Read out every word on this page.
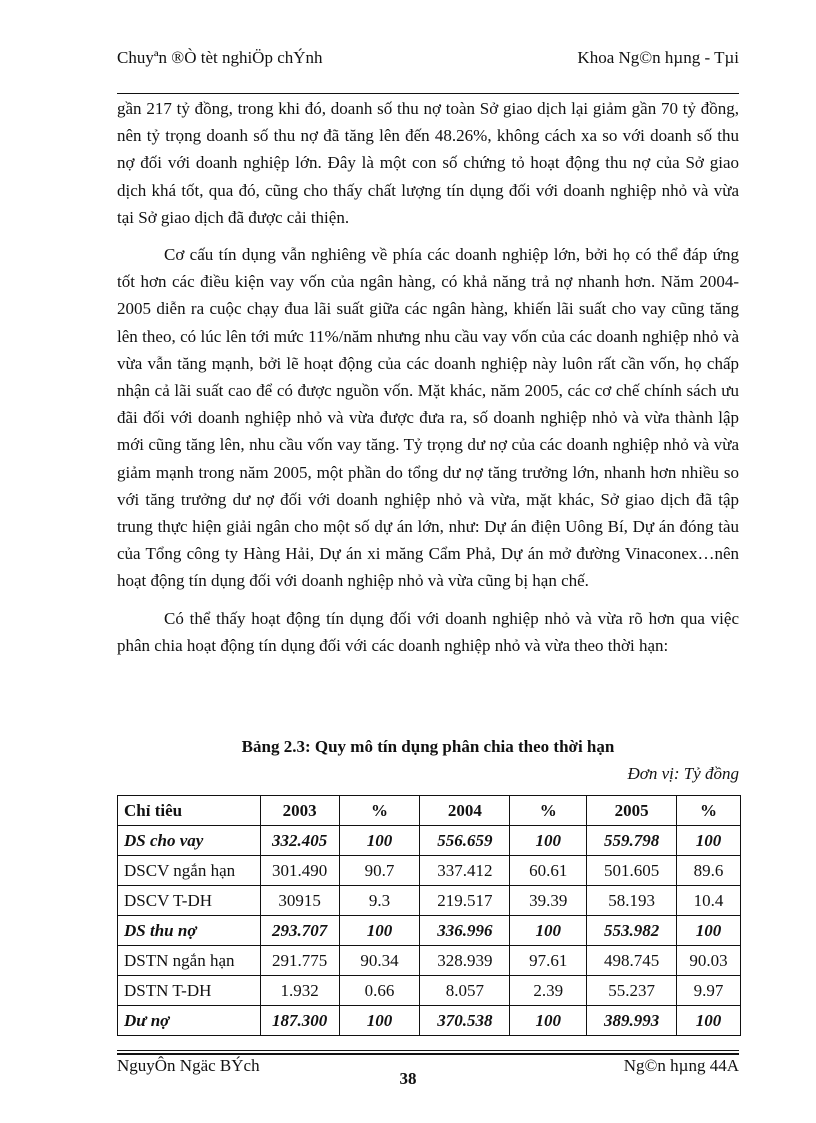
Chuyªn ®Ò tèt nghiÖp chÝnh	Khoa Ng©n hµng - Tµi

gần 217 tỷ đồng, trong khi đó, doanh số thu nợ toàn Sở giao dịch lại giảm gần 70 tỷ đồng, nên tỷ trọng doanh số thu nợ đã tăng lên đến 48.26%, không cách xa so với doanh số thu nợ đối với doanh nghiệp lớn. Đây là một con số chứng tỏ hoạt động thu nợ của Sở giao dịch khá tốt, qua đó, cũng cho thấy chất lượng tín dụng đối với doanh nghiệp nhỏ và vừa tại Sở giao dịch đã được cải thiện.

Cơ cấu tín dụng vẫn nghiêng về phía các doanh nghiệp lớn, bởi họ có thể đáp ứng tốt hơn các điều kiện vay vốn của ngân hàng, có khả năng trả nợ nhanh hơn. Năm 2004-2005 diễn ra cuộc chạy đua lãi suất giữa các ngân hàng, khiến lãi suất cho vay cũng tăng lên theo, có lúc lên tới mức 11%/năm nhưng nhu cầu vay vốn của các doanh nghiệp nhỏ và vừa vẫn tăng mạnh, bởi lẽ hoạt động của các doanh nghiệp này luôn rất cần vốn, họ chấp nhận cả lãi suất cao để có được nguồn vốn. Mặt khác, năm 2005, các cơ chế chính sách ưu đãi đối với doanh nghiệp nhỏ và vừa được đưa ra, số doanh nghiệp nhỏ và vừa thành lập mới cũng tăng lên, nhu cầu vốn vay tăng. Tỷ trọng dư nợ của các doanh nghiệp nhỏ và vừa giảm mạnh trong năm 2005, một phần do tổng dư nợ tăng trưởng lớn, nhanh hơn nhiều so với tăng trưởng dư nợ đối với doanh nghiệp nhỏ và vừa, mặt khác, Sở giao dịch đã tập trung thực hiện giải ngân cho một số dự án lớn, như: Dự án điện Uông Bí, Dự án đóng tàu của Tổng công ty Hàng Hải, Dự án xi măng Cẩm Phả, Dự án mở đường Vinaconex…nên hoạt động tín dụng đối với doanh nghiệp nhỏ và vừa cũng bị hạn chế.

Có thể thấy hoạt động tín dụng đối với doanh nghiệp nhỏ và vừa rõ hơn qua việc phân chia hoạt động tín dụng đối với các doanh nghiệp nhỏ và vừa theo thời hạn:

Bảng 2.3: Quy mô tín dụng phân chia theo thời hạn
Đơn vị: Tỷ đồng
Chỉ tiêu	2003	%	2004	%	2005	%
DS cho vay	332.405	100	556.659	100	559.798	100
DSCV ngắn hạn	301.490	90.7	337.412	60.61	501.605	89.6
DSCV T-DH	30915	9.3	219.517	39.39	58.193	10.4
DS thu nợ	293.707	100	336.996	100	553.982	100
DSTN ngắn hạn	291.775	90.34	328.939	97.61	498.745	90.03
DSTN T-DH	1.932	0.66	8.057	2.39	55.237	9.97
Dư nợ	187.300	100	370.538	100	389.993	100
NguyÔn Ngäc BÝch	Ng©n hµng 44A
38
